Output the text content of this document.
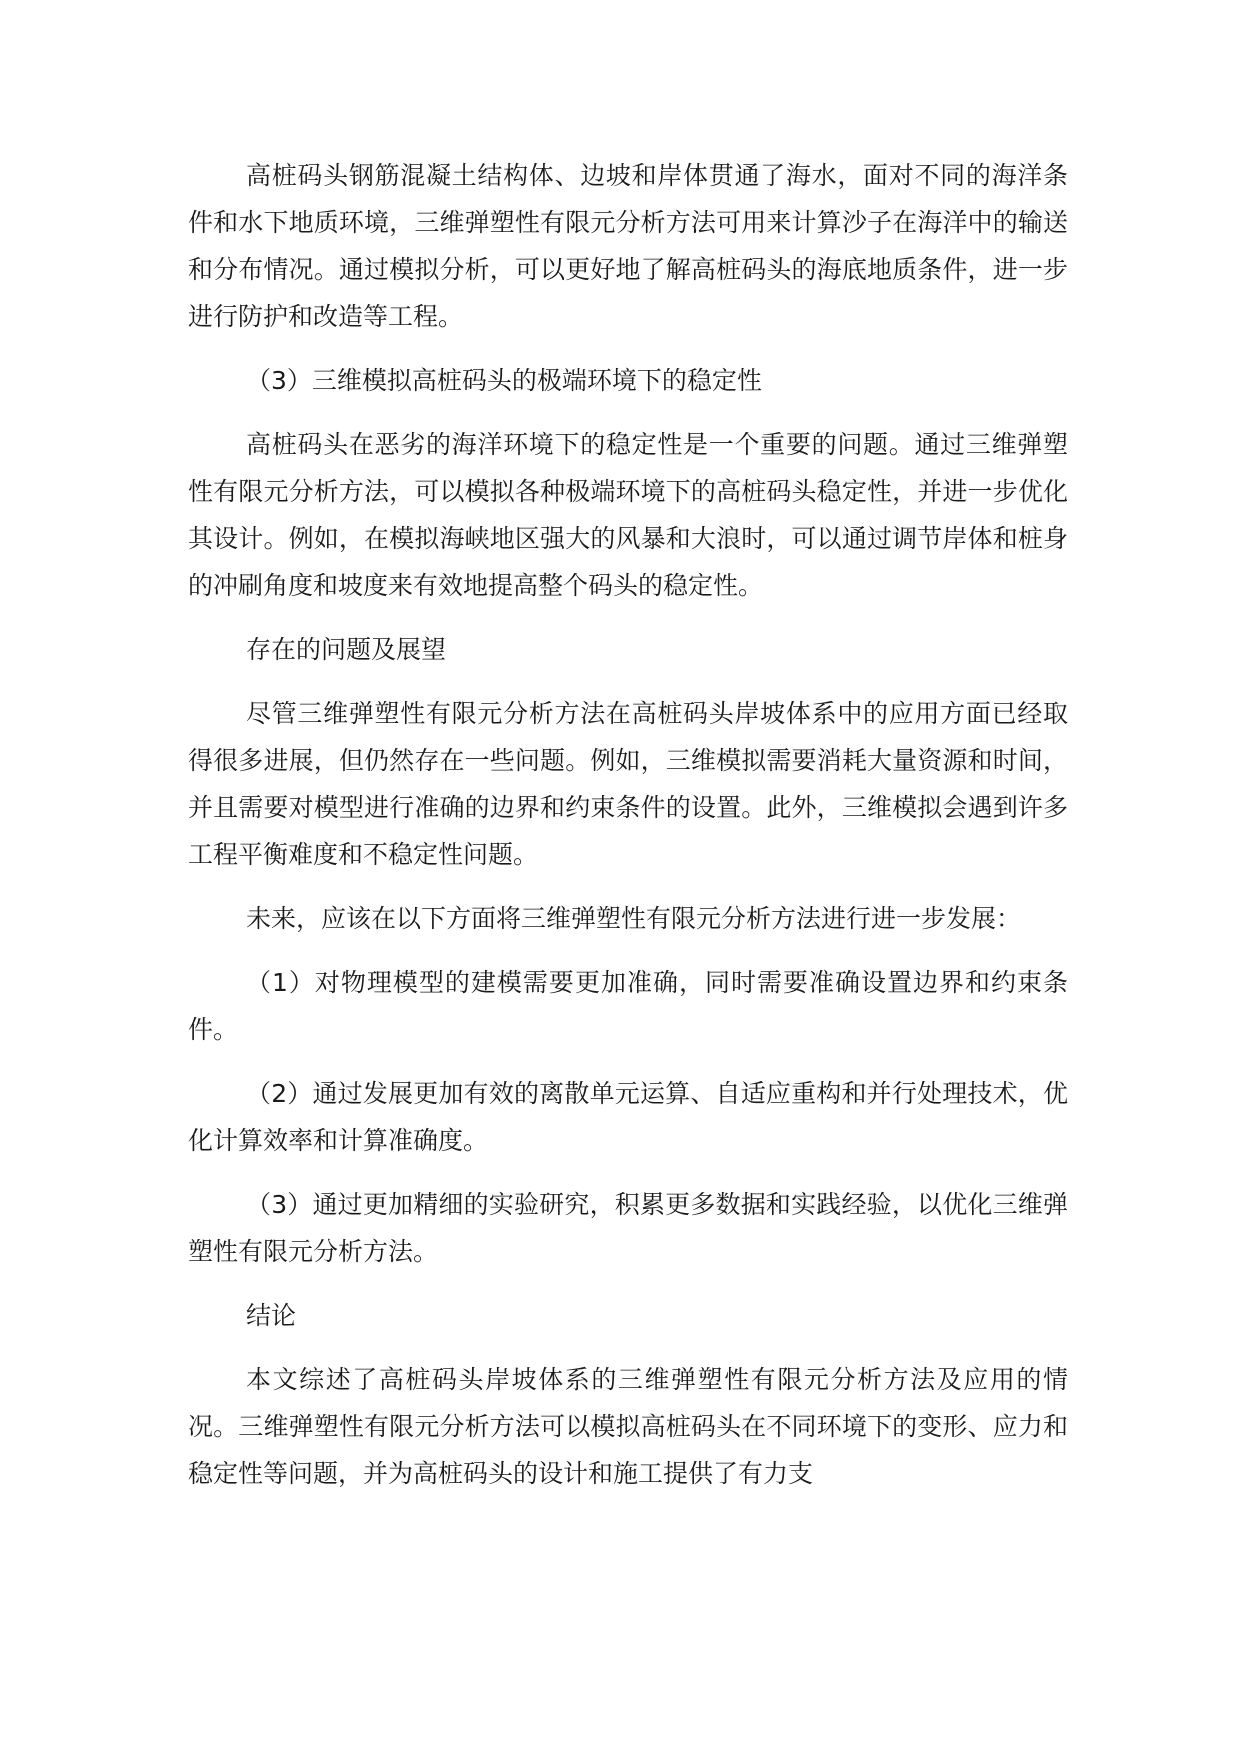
高桩码头钢筋混凝土结构体、边坡和岸体贯通了海水，面对不同的海洋条件和水下地质环境，三维弹塑性有限元分析方法可用来计算沙子在海洋中的输送和分布情况。通过模拟分析，可以更好地了解高桩码头的海底地质条件，进一步进行防护和改造等工程。

（3）三维模拟高桩码头的极端环境下的稳定性

高桩码头在恶劣的海洋环境下的稳定性是一个重要的问题。通过三维弹塑性有限元分析方法，可以模拟各种极端环境下的高桩码头稳定性，并进一步优化其设计。例如，在模拟海峡地区强大的风暴和大浪时，可以通过调节岸体和桩身的冲刷角度和坡度来有效地提高整个码头的稳定性。

存在的问题及展望

尽管三维弹塑性有限元分析方法在高桩码头岸坡体系中的应用方面已经取得很多进展，但仍然存在一些问题。例如，三维模拟需要消耗大量资源和时间，并且需要对模型进行准确的边界和约束条件的设置。此外，三维模拟会遇到许多工程平衡难度和不稳定性问题。

未来，应该在以下方面将三维弹塑性有限元分析方法进行进一步发展：

（1）对物理模型的建模需要更加准确，同时需要准确设置边界和约束条件。

（2）通过发展更加有效的离散单元运算、自适应重构和并行处理技术，优化计算效率和计算准确度。

（3）通过更加精细的实验研究，积累更多数据和实践经验，以优化三维弹塑性有限元分析方法。

结论

本文综述了高桩码头岸坡体系的三维弹塑性有限元分析方法及应用的情况。三维弹塑性有限元分析方法可以模拟高桩码头在不同环境下的变形、应力和稳定性等问题，并为高桩码头的设计和施工提供了有力支
